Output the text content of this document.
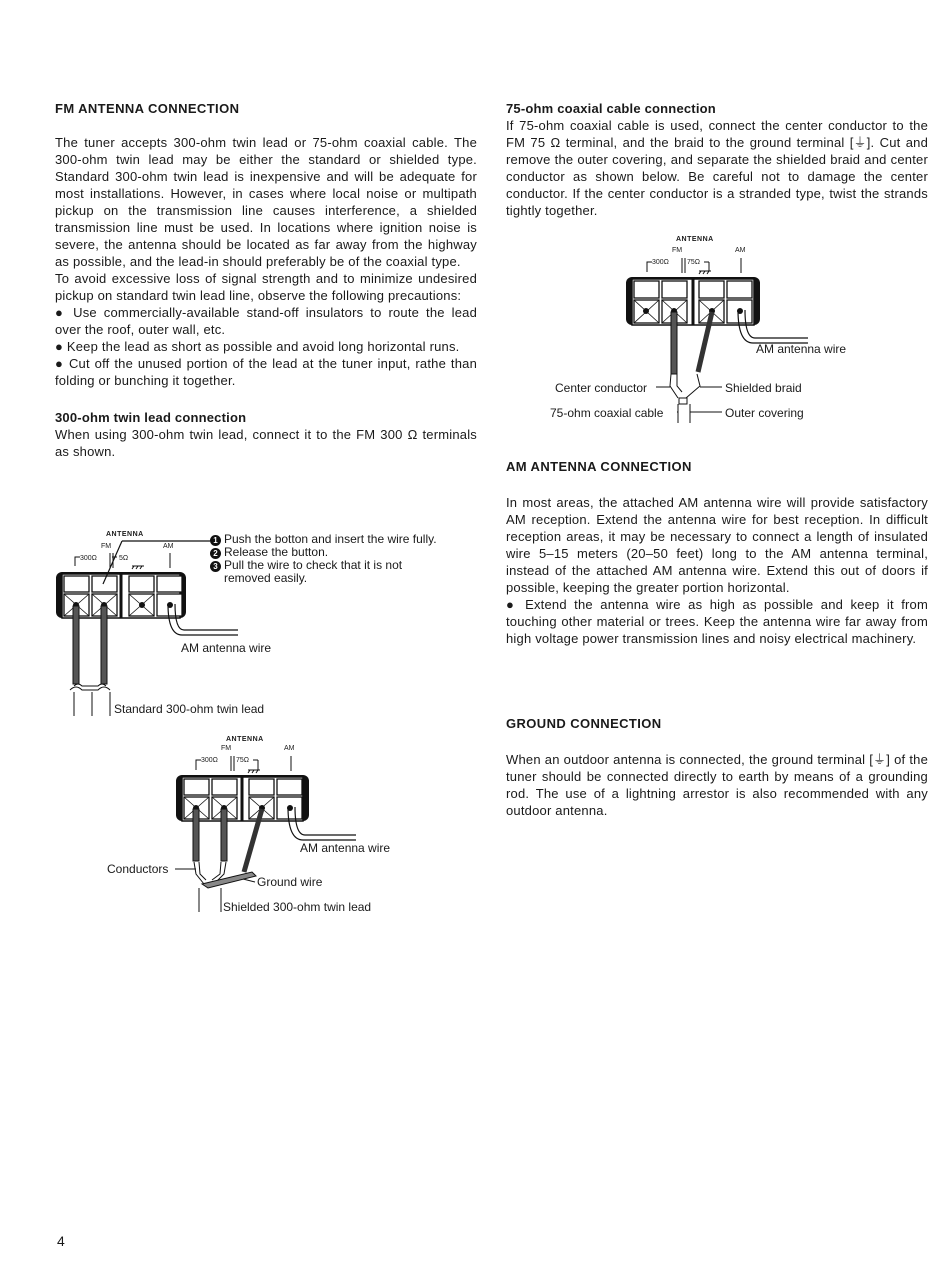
FM ANTENNA CONNECTION

The tuner accepts 300-ohm twin lead or 75-ohm coaxial cable. The 300-ohm twin lead may be either the standard or shielded type. Standard 300-ohm twin lead is inexpensive and will be adequate for most installations. However, in cases where local noise or multipath pickup on the transmission line causes interference, a shielded transmission line must be used. In locations where ignition noise is severe, the antenna should be located as far away from the highway as possible, and the lead-in should preferably be of the coaxial type.

To avoid excessive loss of signal strength and to minimize undesired pickup on standard twin lead line, observe the following precautions:

● Use commercially-available stand-off insulators to route the lead over the roof, outer wall, etc.

● Keep the lead as short as possible and avoid long horizontal runs.

● Cut off the unused portion of the lead at the tuner input, rathe than folding or bunching it together.

300-ohm twin lead connection

When using 300-ohm twin lead, connect it to the FM 300 Ω terminals as shown.

75-ohm coaxial cable connection

If 75-ohm coaxial cable is used, connect the center conductor to the FM 75 Ω terminal, and the braid to the ground terminal [⏚]. Cut and remove the outer covering, and separate the shielded braid and center conductor as shown below. Be careful not to damage the center conductor. If the center conductor is a stranded type, twist the strands tightly together.

AM ANTENNA CONNECTION

In most areas, the attached AM antenna wire will provide satisfactory AM reception. Extend the antenna wire for best reception. In difficult reception areas, it may be necessary to connect a length of insulated wire 5–15 meters (20–50 feet) long to the AM antenna terminal, instead of the attached AM antenna wire. Extend this out of doors if possible, keeping the greater portion horizontal.

● Extend the antenna wire as high as possible and keep it from touching other material or trees. Keep the antenna wire far away from high voltage power transmission lines and noisy electrical machinery.

GROUND CONNECTION

When an outdoor antenna is connected, the ground terminal [⏚] of the tuner should be connected directly to earth by means of a grounding rod. The use of a lightning arrestor is also recommended with any outdoor antenna.

ANTENNA
FM	AM
300Ω	5Ω
1 Push the botton and insert the wire fully.
2 Release the button.
3 Pull the wire to check that it is not
removed easily.
AM antenna wire
Standard 300-ohm twin lead
ANTENNA
FM	AM
300Ω	75Ω
AM antenna wire
Conductors
Ground wire
Shielded 300-ohm twin lead
ANTENNA
FM	AM
300Ω	75Ω
AM antenna wire
Center conductor	Shielded braid
75-ohm coaxial cable	Outer covering
4
